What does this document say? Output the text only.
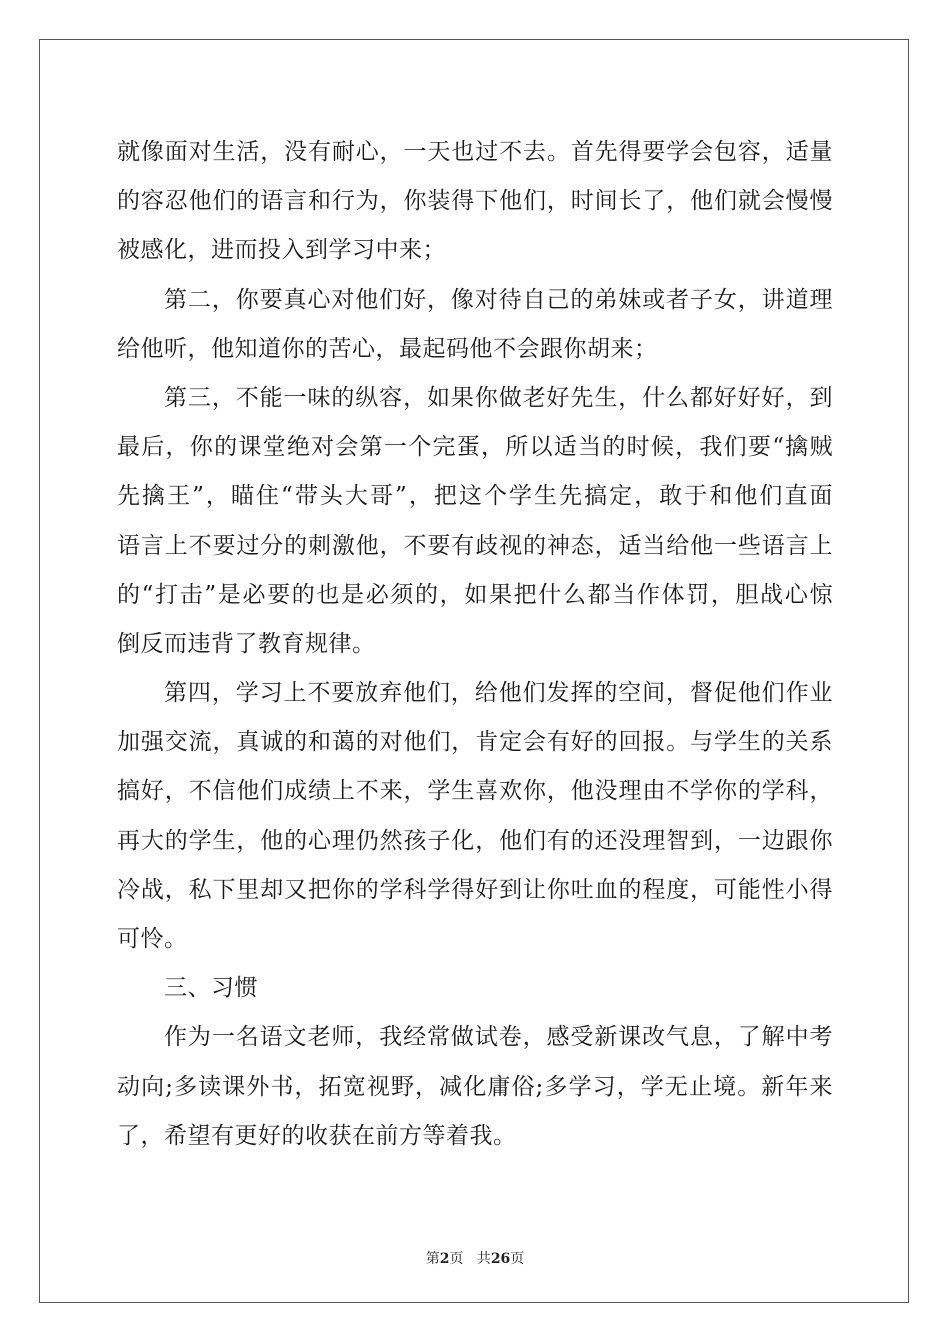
就像面对生活，没有耐心，一天也过不去。首先得要学会包容，适量
的容忍他们的语言和行为，你装得下他们，时间长了，他们就会慢慢
被感化，进而投入到学习中来；
第二，你要真心对他们好，像对待自己的弟妹或者子女，讲道理
给他听，他知道你的苦心，最起码他不会跟你胡来；
第三，不能一味的纵容，如果你做老好先生，什么都好好好，到
最后，你的课堂绝对会第一个完蛋，所以适当的时候，我们要“擒贼
先擒王”，瞄住“带头大哥”，把这个学生先搞定，敢于和他们直面
语言上不要过分的刺激他，不要有歧视的神态，适当给他一些语言上
的“打击”是必要的也是必须的，如果把什么都当作体罚，胆战心惊
倒反而违背了教育规律。
第四，学习上不要放弃他们，给他们发挥的空间，督促他们作业
加强交流，真诚的和蔼的对他们，肯定会有好的回报。与学生的关系
搞好，不信他们成绩上不来，学生喜欢你，他没理由不学你的学科，
再大的学生，他的心理仍然孩子化，他们有的还没理智到，一边跟你
冷战，私下里却又把你的学科学得好到让你吐血的程度，可能性小得
可怜。
三、习惯
作为一名语文老师，我经常做试卷，感受新课改气息，了解中考
动向;多读课外书，拓宽视野，减化庸俗;多学习，学无止境。新年来
了，希望有更好的收获在前方等着我。
第2页 共26页
